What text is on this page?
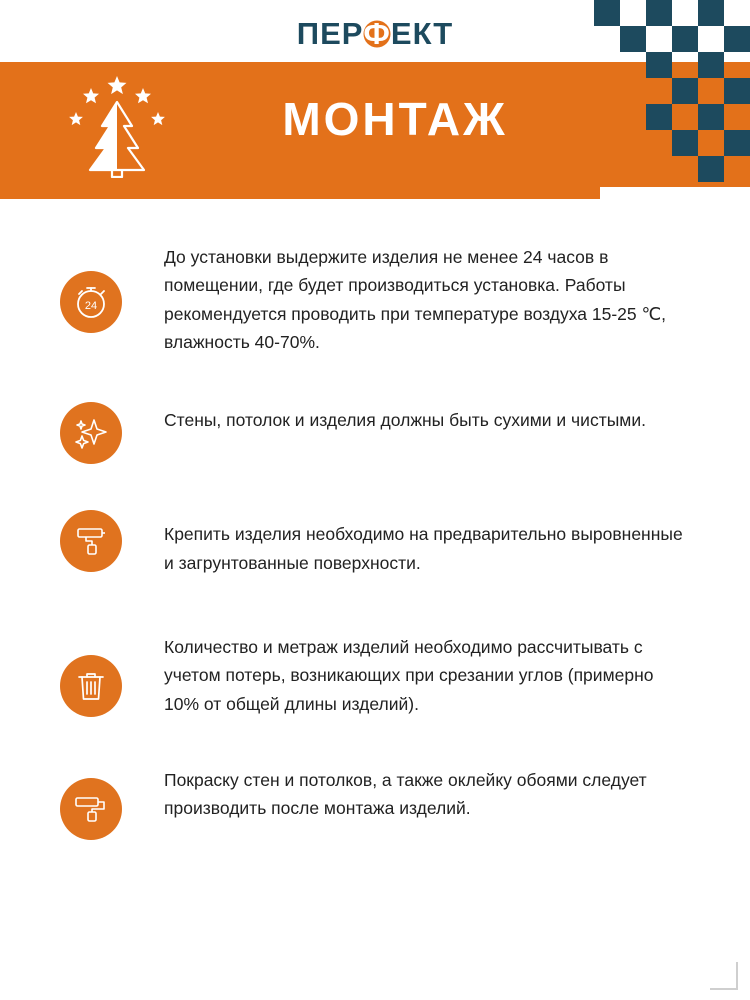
ПЕРФЕКТ
МОНТАЖ
24
До установки выдержите изделия не менее 24 часов в помещении, где будет производиться установка. Работы рекомендуется проводить при температуре воздуха 15-25 ℃, влажность 40-70%.
Стены, потолок и изделия должны быть сухими и чистыми.
Крепить изделия необходимо на предварительно выровненные и загрунтованные поверхности.
Количество и метраж изделий необходимо рассчитывать с учетом потерь, возникающих при срезании углов (примерно 10% от общей длины изделий).
Покраску стен и потолков, а также оклейку обоями следует производить после монтажа изделий.
